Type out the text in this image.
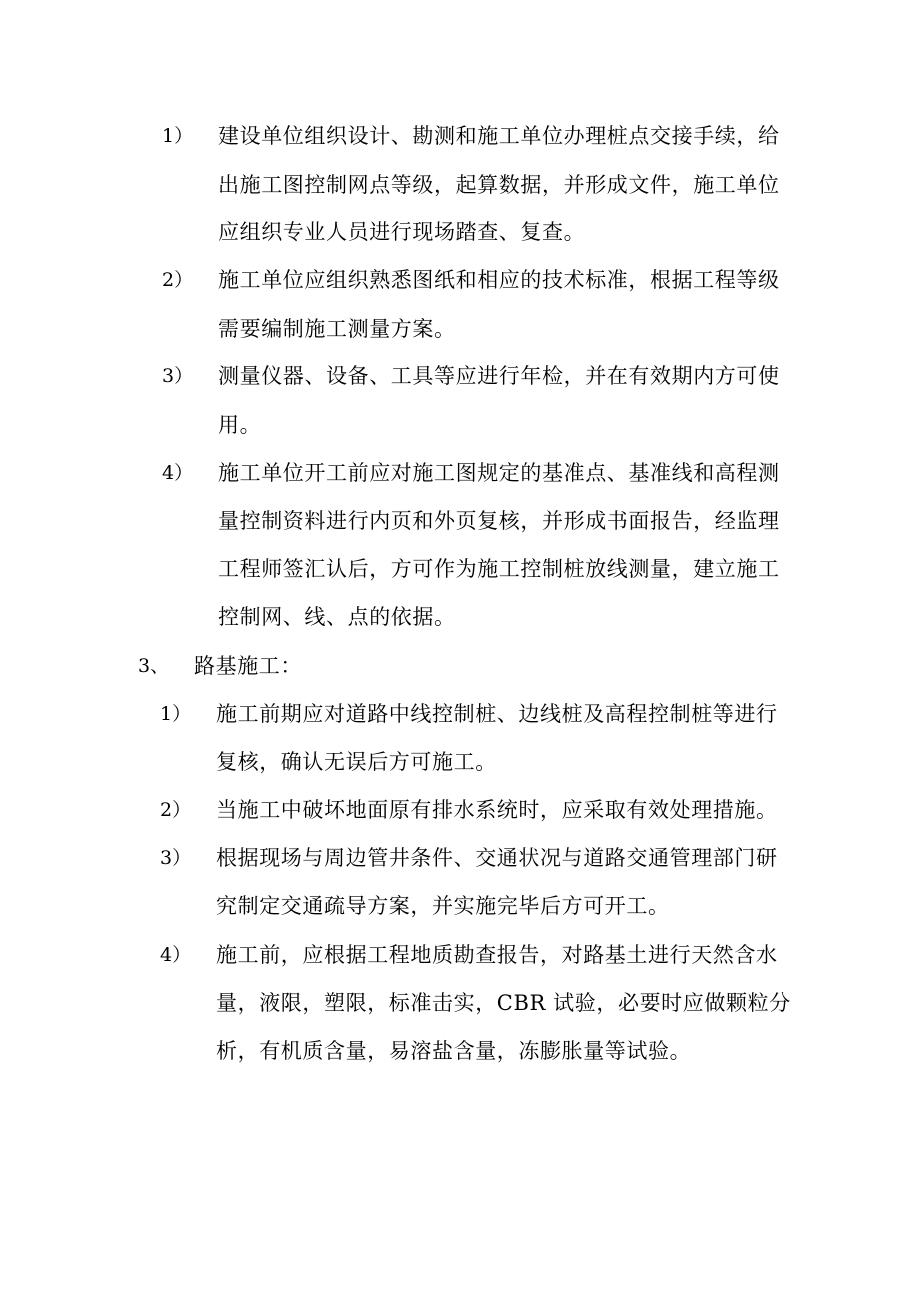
1） 建设单位组织设计、勘测和施工单位办理桩点交接手续，给
出施工图控制网点等级，起算数据，并形成文件，施工单位
应组织专业人员进行现场踏查、复查。
2） 施工单位应组织熟悉图纸和相应的技术标准，根据工程等级
需要编制施工测量方案。
3） 测量仪器、设备、工具等应进行年检，并在有效期内方可使
用。
4） 施工单位开工前应对施工图规定的基准点、基准线和高程测
量控制资料进行内页和外页复核，并形成书面报告，经监理
工程师签汇认后，方可作为施工控制桩放线测量，建立施工
控制网、线、点的依据。
3、 路基施工：
1） 施工前期应对道路中线控制桩、边线桩及高程控制桩等进行
复核，确认无误后方可施工。
2） 当施工中破坏地面原有排水系统时，应采取有效处理措施。
3） 根据现场与周边管井条件、交通状况与道路交通管理部门研
究制定交通疏导方案，并实施完毕后方可开工。
4） 施工前，应根据工程地质勘查报告，对路基土进行天然含水
量，液限，塑限，标准击实，CBR 试验，必要时应做颗粒分
析，有机质含量，易溶盐含量，冻膨胀量等试验。
